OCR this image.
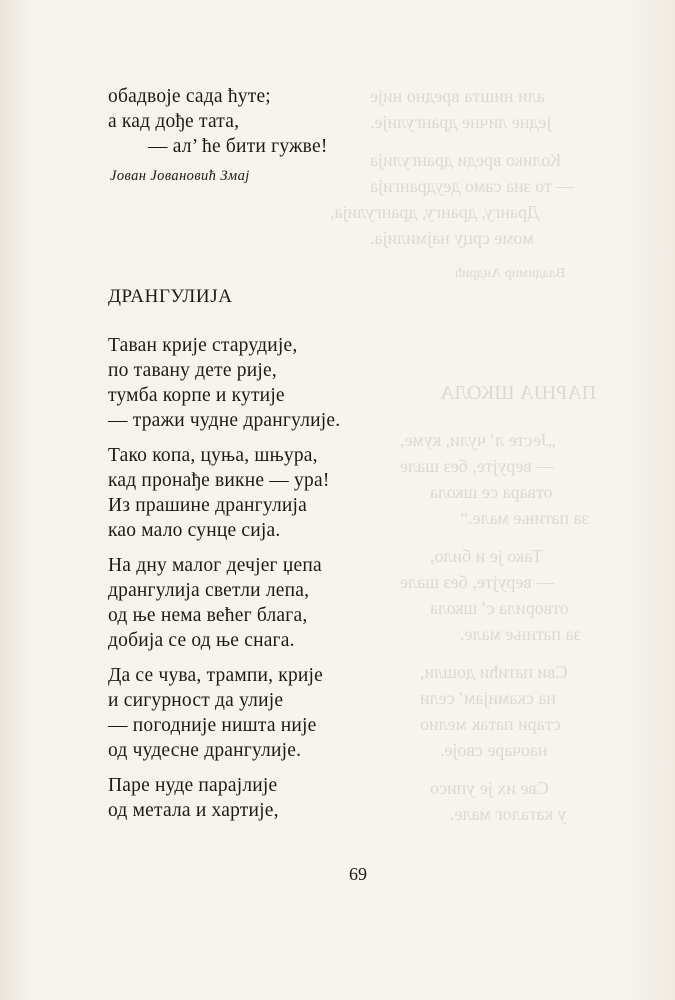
али ништа вредно није
једне личне дрангулије.
Колико вреди дрангулија
— то зна само деудрангија
Дрангу, дрангу, дрангулија,
моме срцу најмилија.
Владимир Андрић
ПАРНЈА ШКОЛА
„Јесте л’ чули, куме,
— верујте, без шале
отвара се школа
за патиње мале.“
Тако је и било,
— верујте, без шале
отворила с’ школа
за патиње мале.
Сви патићи дошли,
на скамијам’ сели
стари патак мелио
наочаре своје.
Све их је уписо
у каталог мале.
обадвоје сада ћуте;
а кад дође тата,
— ал’ ће бити гужве!
Јован Јовановић Змај
ДРАНГУЛИЈА
Таван крије старудије,
по тавану дете рије,
тумба корпе и кутије
— тражи чудне дрангулије.
Тако копа, цуња, шњура,
кад пронађе викне — ура!
Из прашине дрангулија
као мало сунце сија.
На дну малог дечјег џепа
дрангулија светли лепа,
од ње нема већег блага,
добија се од ње снага.
Да се чува, трампи, крије
и сигурност да улије
— погодније ништа није
од чудесне дрангулије.
Паре нуде парајлије
од метала и хартије,
69
